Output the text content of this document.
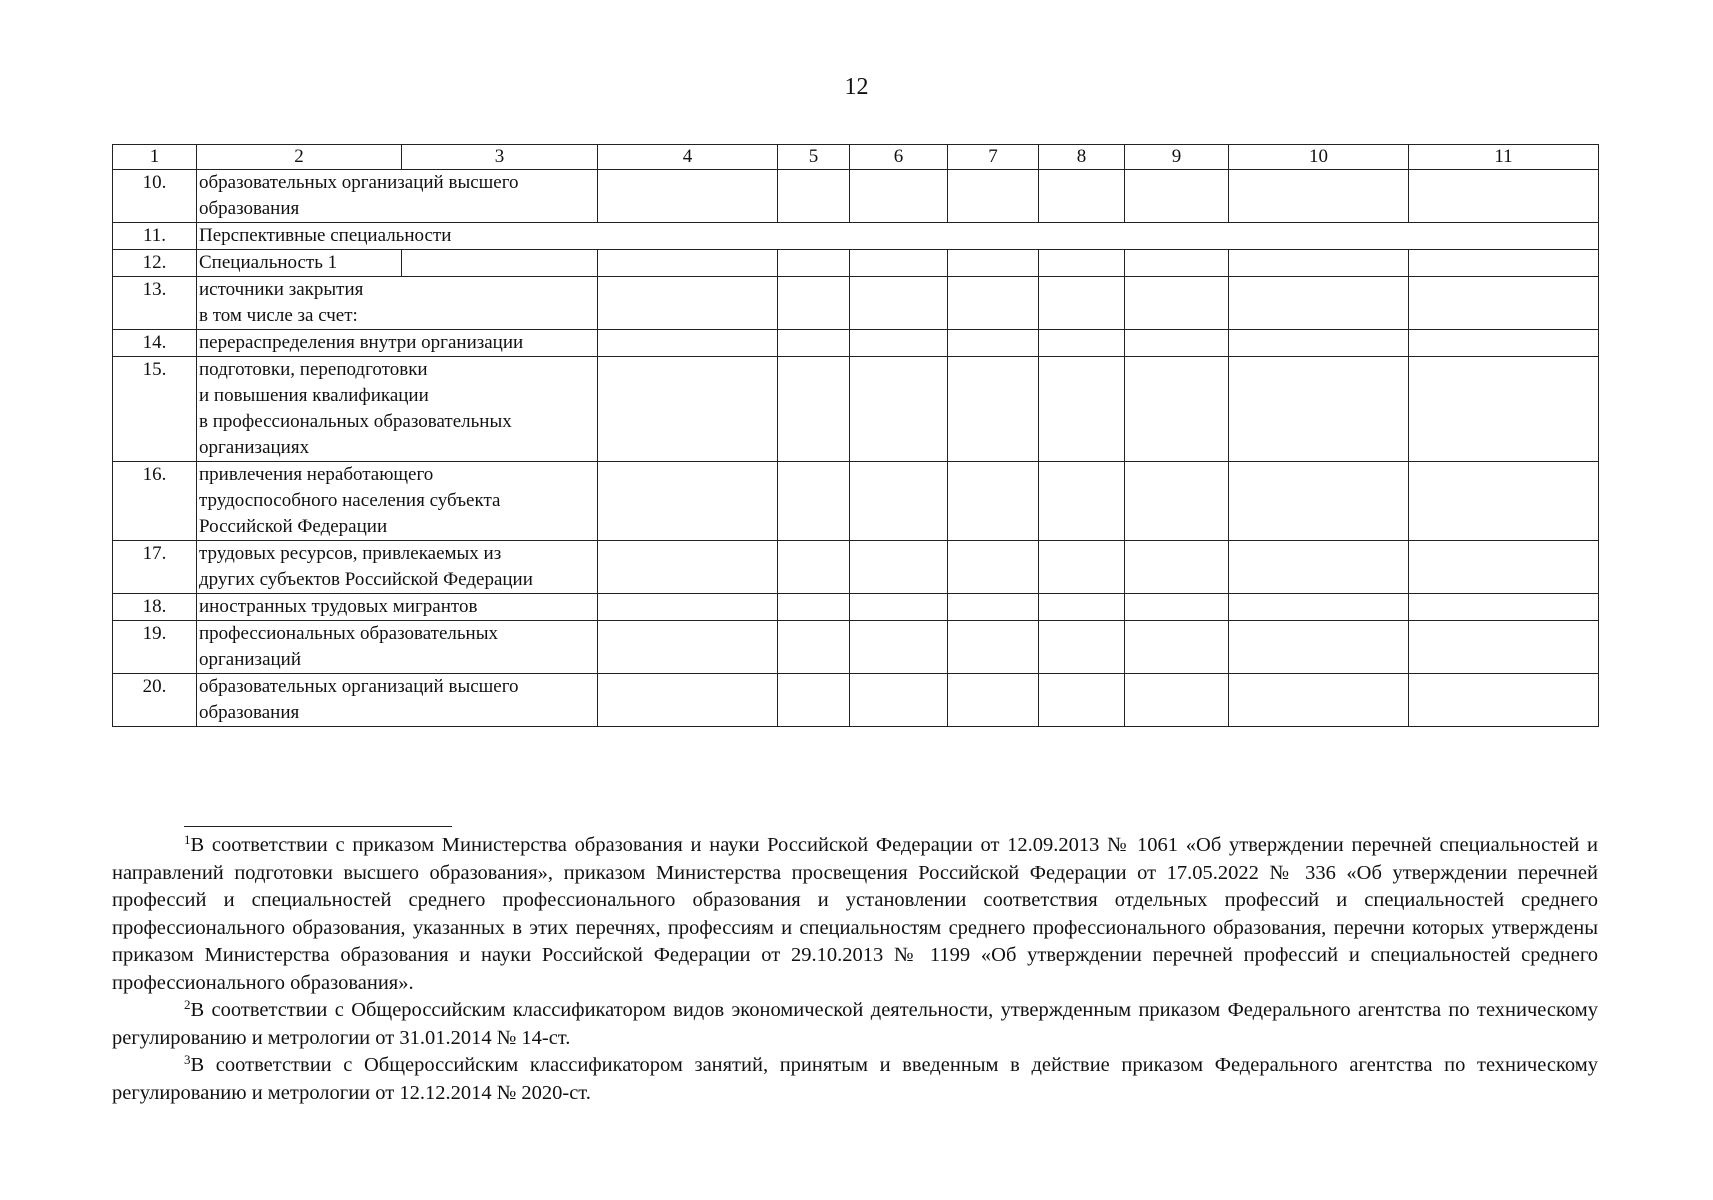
12
1	2	3	4	5	6	7	8	9	10	11
10.	образовательных организаций высшего образования									
11.	Перспективные специальности									
12.	Специальность 1									
13.	источники закрытия
в том числе за счет:									
14.	перераспределения внутри организации									
15.	подготовки, переподготовки
и повышения квалификации
в профессиональных образовательных организациях									
16.	привлечения неработающего трудоспособного населения субъекта Российской Федерации									
17.	трудовых ресурсов, привлекаемых из других субъектов Российской Федерации									
18.	иностранных трудовых мигрантов									
19.	профессиональных образовательных организаций									
20.	образовательных организаций высшего образования									

$^1$В соответствии с приказом Министерства образования и науки Российской Федерации от 12.09.2013 № 1061 «Об утверждении перечней специальностей и направлений подготовки высшего образования», приказом Министерства просвещения Российской Федерации от 17.05.2022 № 336 «Об утверждении перечней профессий и специальностей среднего профессионального образования и установлении соответствия отдельных профессий и специальностей среднего профессионального образования, указанных в этих перечнях, профессиям и специальностям среднего профессионального образования, перечни которых утверждены приказом Министерства образования и науки Российской Федерации от 29.10.2013 № 1199 «Об утверждении перечней профессий и специальностей среднего профессионального образования».

$^2$В соответствии с Общероссийским классификатором видов экономической деятельности, утвержденным приказом Федерального агентства по техническому регулированию и метрологии от 31.01.2014 № 14-ст.

$^3$В соответствии с Общероссийским классификатором занятий, принятым и введенным в действие приказом Федерального агентства по техническому регулированию и метрологии от 12.12.2014 № 2020-ст.
